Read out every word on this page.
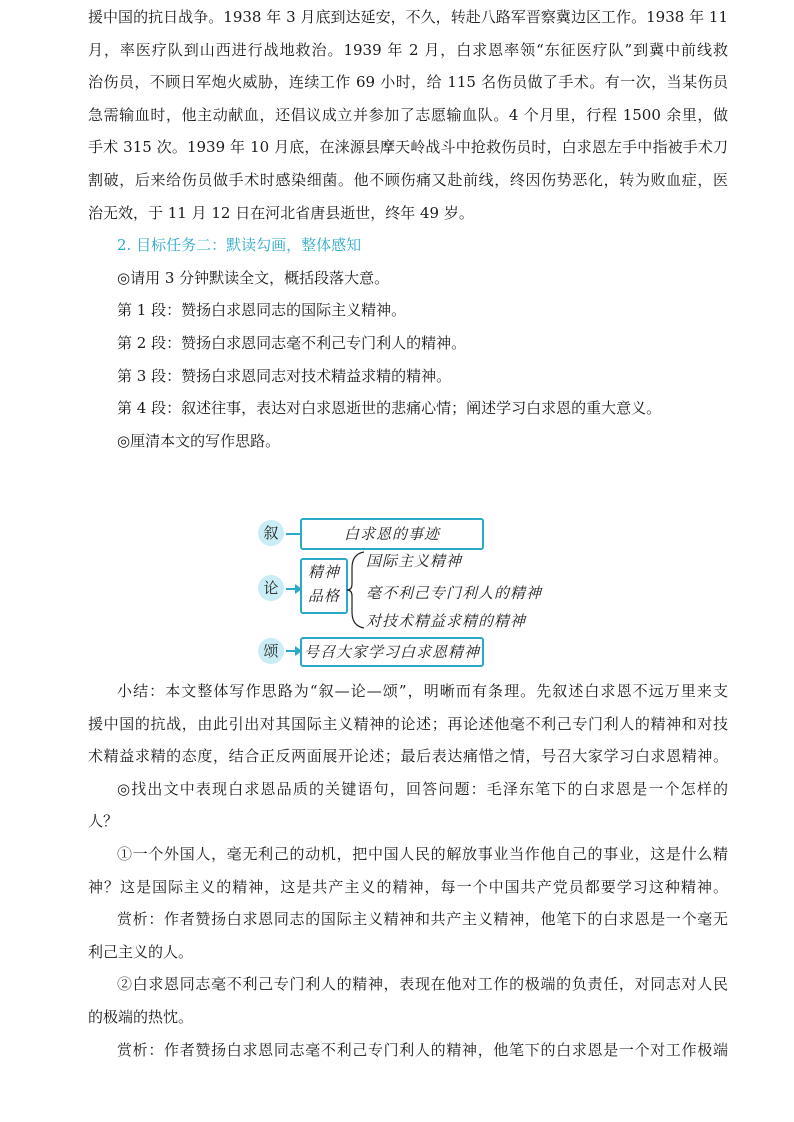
援中国的抗日战争。1938 年 3 月底到达延安，不久，转赴八路军晋察冀边区工作。1938 年 11

月，率医疗队到山西进行战地救治。1939 年 2 月，白求恩率领“东征医疗队”到冀中前线救

治伤员，不顾日军炮火威胁，连续工作 69 小时，给 115 名伤员做了手术。有一次，当某伤员

急需输血时，他主动献血，还倡议成立并参加了志愿输血队。4 个月里，行程 1500 余里，做

手术 315 次。1939 年 10 月底，在涞源县摩天岭战斗中抢救伤员时，白求恩左手中指被手术刀

割破，后来给伤员做手术时感染细菌。他不顾伤痛又赴前线，终因伤势恶化，转为败血症，医

治无效，于 11 月 12 日在河北省唐县逝世，终年 49 岁。

2. 目标任务二：默读勾画，整体感知

◎请用 3 分钟默读全文，概括段落大意。

第 1 段：赞扬白求恩同志的国际主义精神。

第 2 段：赞扬白求恩同志毫不利己专门利人的精神。

第 3 段：赞扬白求恩同志对技术精益求精的精神。

第 4 段：叙述往事，表达对白求恩逝世的悲痛心情；阐述学习白求恩的重大意义。

◎厘清本文的写作思路。

叙	白求恩的事迹
论
精神
品格
国际主义精神
毫不利己专门利人的精神
对技术精益求精的精神
颂	号召大家学习白求恩精神

小结：本文整体写作思路为“叙—论—颂”，明晰而有条理。先叙述白求恩不远万里来支

援中国的抗战，由此引出对其国际主义精神的论述；再论述他毫不利己专门利人的精神和对技

术精益求精的态度，结合正反两面展开论述；最后表达痛惜之情，号召大家学习白求恩精神。

◎找出文中表现白求恩品质的关键语句，回答问题：毛泽东笔下的白求恩是一个怎样的

人？

①一个外国人，毫无利己的动机，把中国人民的解放事业当作他自己的事业，这是什么精

神？这是国际主义的精神，这是共产主义的精神，每一个中国共产党员都要学习这种精神。

赏析：作者赞扬白求恩同志的国际主义精神和共产主义精神，他笔下的白求恩是一个毫无

利己主义的人。

②白求恩同志毫不利己专门利人的精神，表现在他对工作的极端的负责任，对同志对人民

的极端的热忱。

赏析：作者赞扬白求恩同志毫不利己专门利人的精神，他笔下的白求恩是一个对工作极端
